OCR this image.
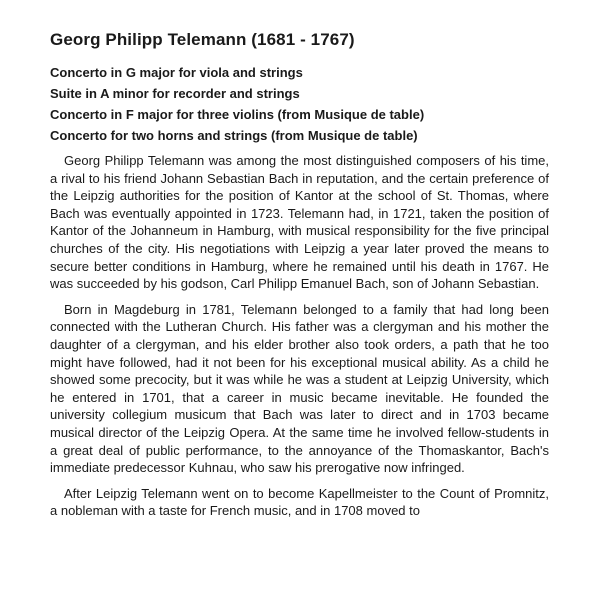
Georg Philipp Telemann (1681 - 1767)
Concerto in G major for viola and strings
Suite in A minor for recorder and strings
Concerto in F major for three violins (from Musique de table)
Concerto for two horns and strings (from Musique de table)

Georg Philipp Telemann was among the most distinguished composers of his time, a rival to his friend Johann Sebastian Bach in reputation, and the certain preference of the Leipzig authorities for the position of Kantor at the school of St. Thomas, where Bach was eventually appointed in 1723. Telemann had, in 1721, taken the position of Kantor of the Johanneum in Hamburg, with musical responsibility for the five principal churches of the city. His negotiations with Leipzig a year later proved the means to secure better conditions in Hamburg, where he remained until his death in 1767. He was succeeded by his godson, Carl Philipp Emanuel Bach, son of Johann Sebastian.

Born in Magdeburg in 1781, Telemann belonged to a family that had long been connected with the Lutheran Church. His father was a clergyman and his mother the daughter of a clergyman, and his elder brother also took orders, a path that he too might have followed, had it not been for his exceptional musical ability. As a child he showed some precocity, but it was while he was a student at Leipzig University, which he entered in 1701, that a career in music became inevitable. He founded the university collegium musicum that Bach was later to direct and in 1703 became musical director of the Leipzig Opera. At the same time he involved fellow-students in a great deal of public performance, to the annoyance of the Thomaskantor, Bach's immediate predecessor Kuhnau, who saw his prerogative now infringed.

After Leipzig Telemann went on to become Kapellmeister to the Count of Promnitz, a nobleman with a taste for French music, and in 1708 moved to
